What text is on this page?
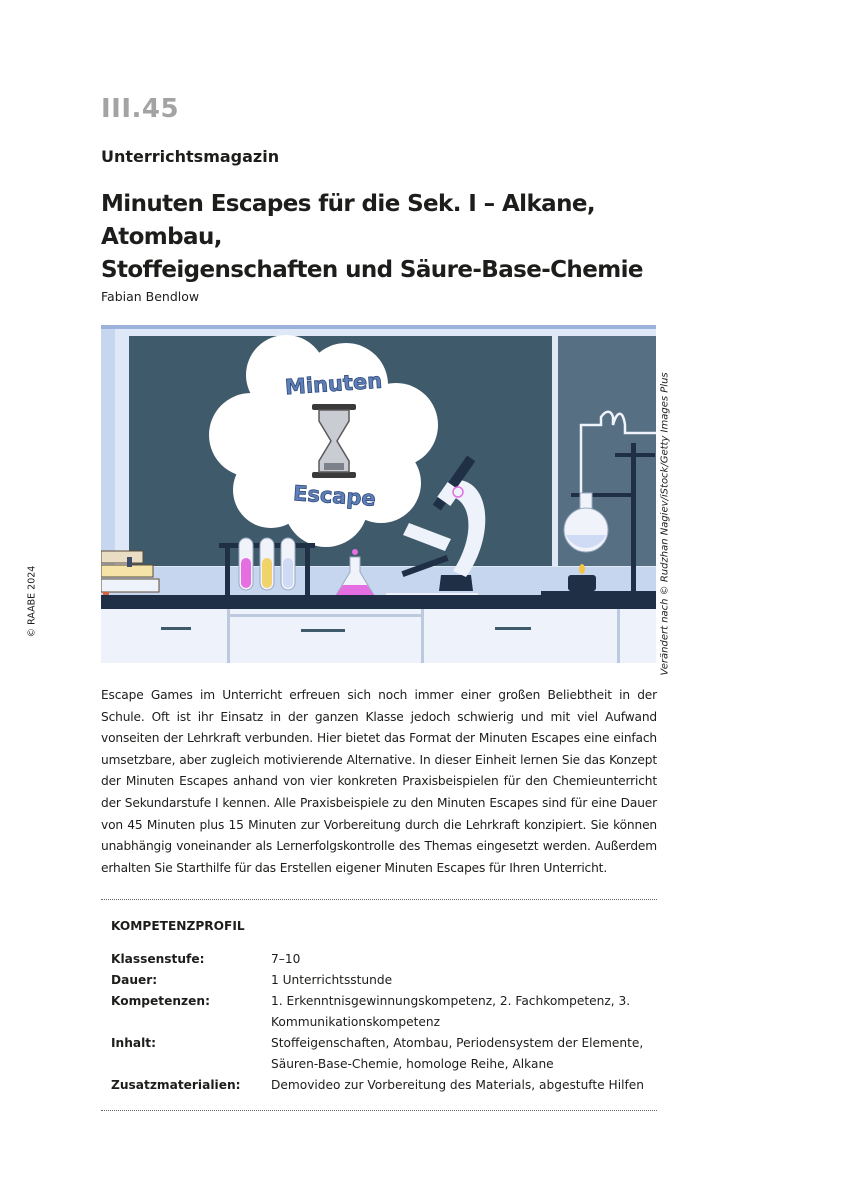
III.45
Unterrichtsmagazin
Minuten Escapes für die Sek. I – Alkane, Atombau,
Stoffeigenschaften und Säure-Base-Chemie
Fabian Bendlow
© RAABE 2024	Verändert nach © Rudzhan Nagiev/iStock/Getty Images Plus
Minuten
Escape
Escape Games im Unterricht erfreuen sich noch immer einer großen Beliebtheit in der Schule. Oft ist ihr Einsatz in der ganzen Klasse jedoch schwierig und mit viel Aufwand vonseiten der Lehrkraft verbunden. Hier bietet das Format der Minuten Escapes eine einfach umsetzbare, aber zugleich motivierende Alternative. In dieser Einheit lernen Sie das Konzept der Minuten Escapes anhand von vier konkreten Praxisbeispielen für den Chemieunterricht der Sekundarstufe I kennen. Alle Praxisbeispiele zu den Minuten Escapes sind für eine Dauer von 45 Minuten plus 15 Minuten zur Vorbereitung durch die Lehrkraft konzipiert. Sie können unabhängig voneinander als Lernerfolgskontrolle des Themas eingesetzt werden. Außerdem erhalten Sie Starthilfe für das Erstellen eigener Minuten Escapes für Ihren Unterricht.
KOMPETENZPROFIL
Klassenstufe:	7–10
Dauer:	1 Unterrichtsstunde
Kompetenzen:	1. Erkenntnisgewinnungskompetenz, 2. Fachkompetenz, 3. Kommunikationskompetenz
Inhalt:	Stoffeigenschaften, Atombau, Periodensystem der Elemente, Säuren-Base-Chemie, homologe Reihe, Alkane
Zusatzmaterialien: Demovideo zur Vorbereitung des Materials, abgestufte Hilfen
